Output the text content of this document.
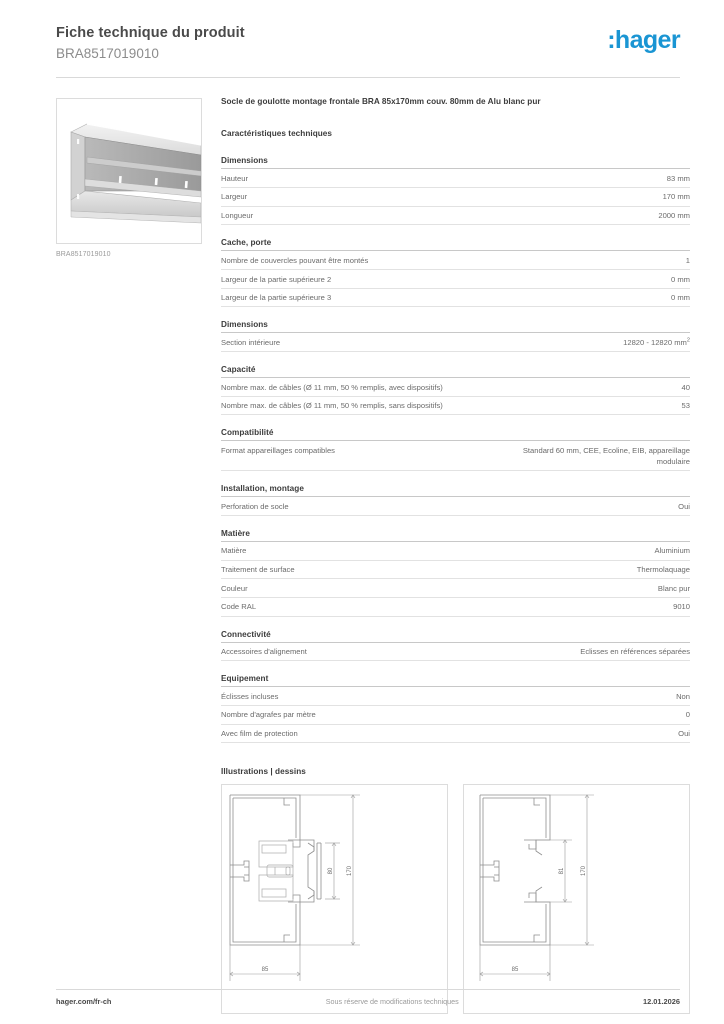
Fiche technique du produit
BRA8517019010	:hager
BRA8517019010
Socle de goulotte montage frontale BRA 85x170mm couv. 80mm de Alu blanc pur
Caractéristiques techniques
Dimensions
Hauteur	83 mm
Largeur	170 mm
Longueur	2000 mm
Cache, porte
Nombre de couvercles pouvant être montés	1
Largeur de la partie supérieure 2	0 mm
Largeur de la partie supérieure 3	0 mm
Dimensions
Section intérieure	12820 - 12820 $mm^2$
Capacité
Nombre max. de câbles (Ø 11 mm, 50 % remplis, avec dispositifs)	40
Nombre max. de câbles (Ø 11 mm, 50 % remplis, sans dispositifs)	53
Compatibilité
Format appareillages compatibles	Standard 60 mm, CEE, Ecoline, EIB, appareillage modulaire
Installation, montage
Perforation de socle	Oui
Matière
Matière	Aluminium
Traitement de surface	Thermolaquage
Couleur	Blanc pur
Code RAL	9010
Connectivité
Accessoires d'alignement	Eclisses en références séparées
Equipement
Éclisses incluses	Non
Nombre d'agrafes par mètre	0
Avec film de protection	Oui
Illustrations | dessins
80 170
85
81	170
85
hager.com/fr-ch	Sous réserve de modifications techniques	12.01.2026
